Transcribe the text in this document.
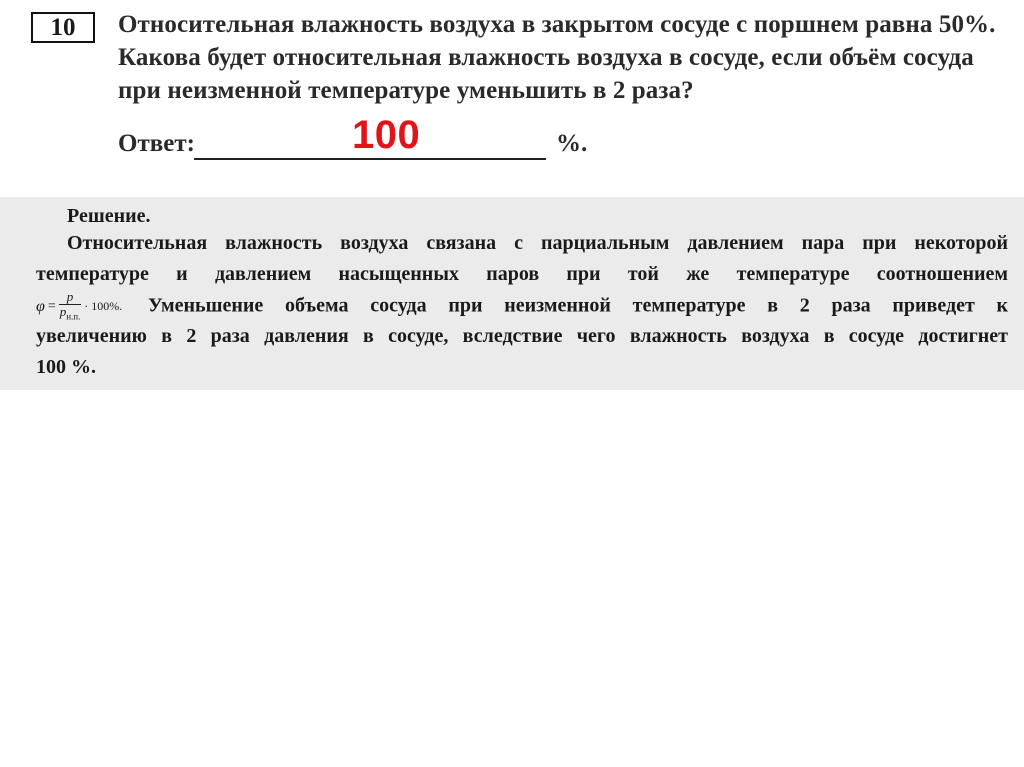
10	Относительная влажность воздуха в закрытом сосуде с поршнем равна 50%.
Какова будет относительная влажность воздуха в сосуде, если объём сосуда
при неизменной температуре уменьшить в 2 раза?
Ответ:	%.
100
Решение.
Относительная влажность воздуха связана с парциальным давлением пара при некоторой
температуре и давлением насыщенных паров при той же температуре соотношением
$\varphi = \frac{p}{p_{н.п.}} \cdot 100\%$. Уменьшение объема сосуда при неизменной температуре в 2 раза приведет к
увеличению в 2 раза давления в сосуде, вследствие чего влажность воздуха в сосуде достигнет
100 %.
